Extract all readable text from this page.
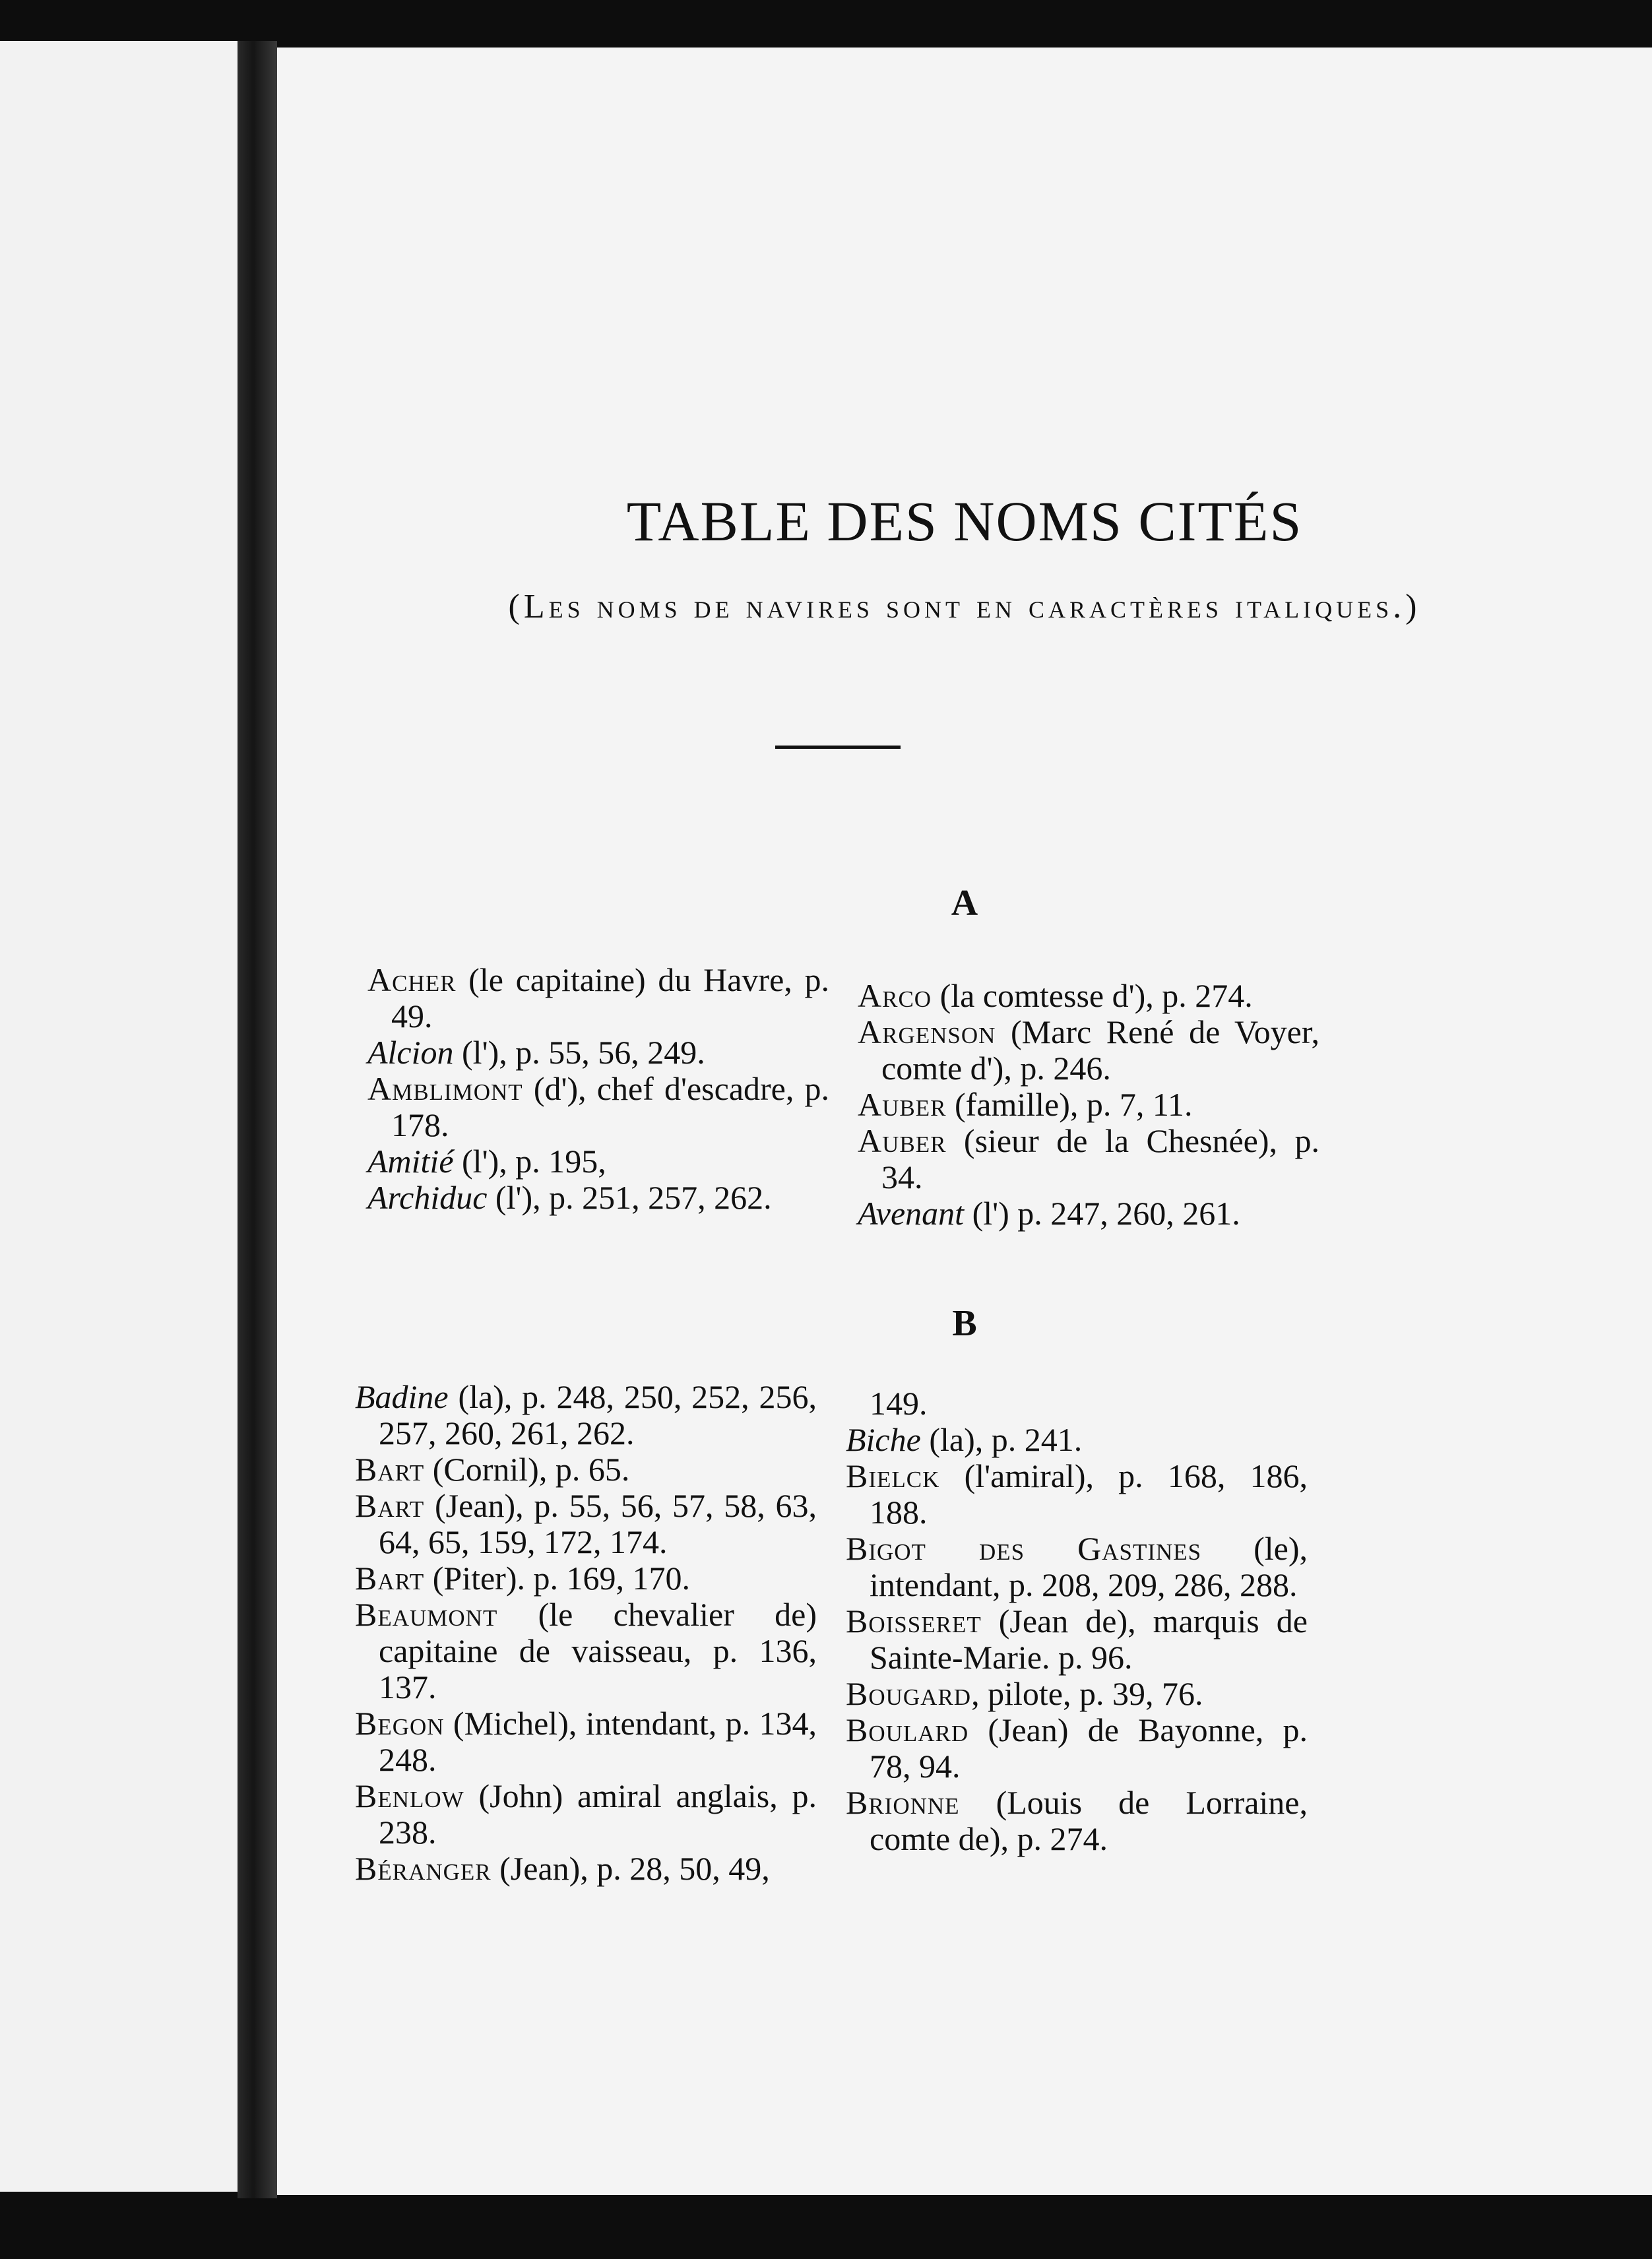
TABLE DES NOMS CITÉS

(Les noms de navires sont en caractères italiques.)

A

Acher (le capitaine) du Havre, p. 49.

Alcion (l'), p. 55, 56, 249.

Amblimont (d'), chef d'escadre, p. 178.

Amitié (l'), p. 195,

Archiduc (l'), p. 251, 257, 262.

Arco (la comtesse d'), p. 274.

Argenson (Marc René de Voyer, comte d'), p. 246.

Auber (famille), p. 7, 11.

Auber (sieur de la Chesnée), p. 34.

Avenant (l') p. 247, 260, 261.

B

Badine (la), p. 248, 250, 252, 256, 257, 260, 261, 262.

Bart (Cornil), p. 65.

Bart (Jean), p. 55, 56, 57, 58, 63, 64, 65, 159, 172, 174.

Bart (Piter). p. 169, 170.

Beaumont (le chevalier de) capitaine de vaisseau, p. 136, 137.

Begon (Michel), intendant, p. 134, 248.

Benlow (John) amiral anglais, p. 238.

Béranger (Jean), p. 28, 50, 49,

149.

Biche (la), p. 241.

Bielck (l'amiral), p. 168, 186, 188.

Bigot des Gastines (le), intendant, p. 208, 209, 286, 288.

Boisseret (Jean de), marquis de Sainte-Marie. p. 96.

Bougard, pilote, p. 39, 76.

Boulard (Jean) de Bayonne, p. 78, 94.

Brionne (Louis de Lorraine, comte de), p. 274.
